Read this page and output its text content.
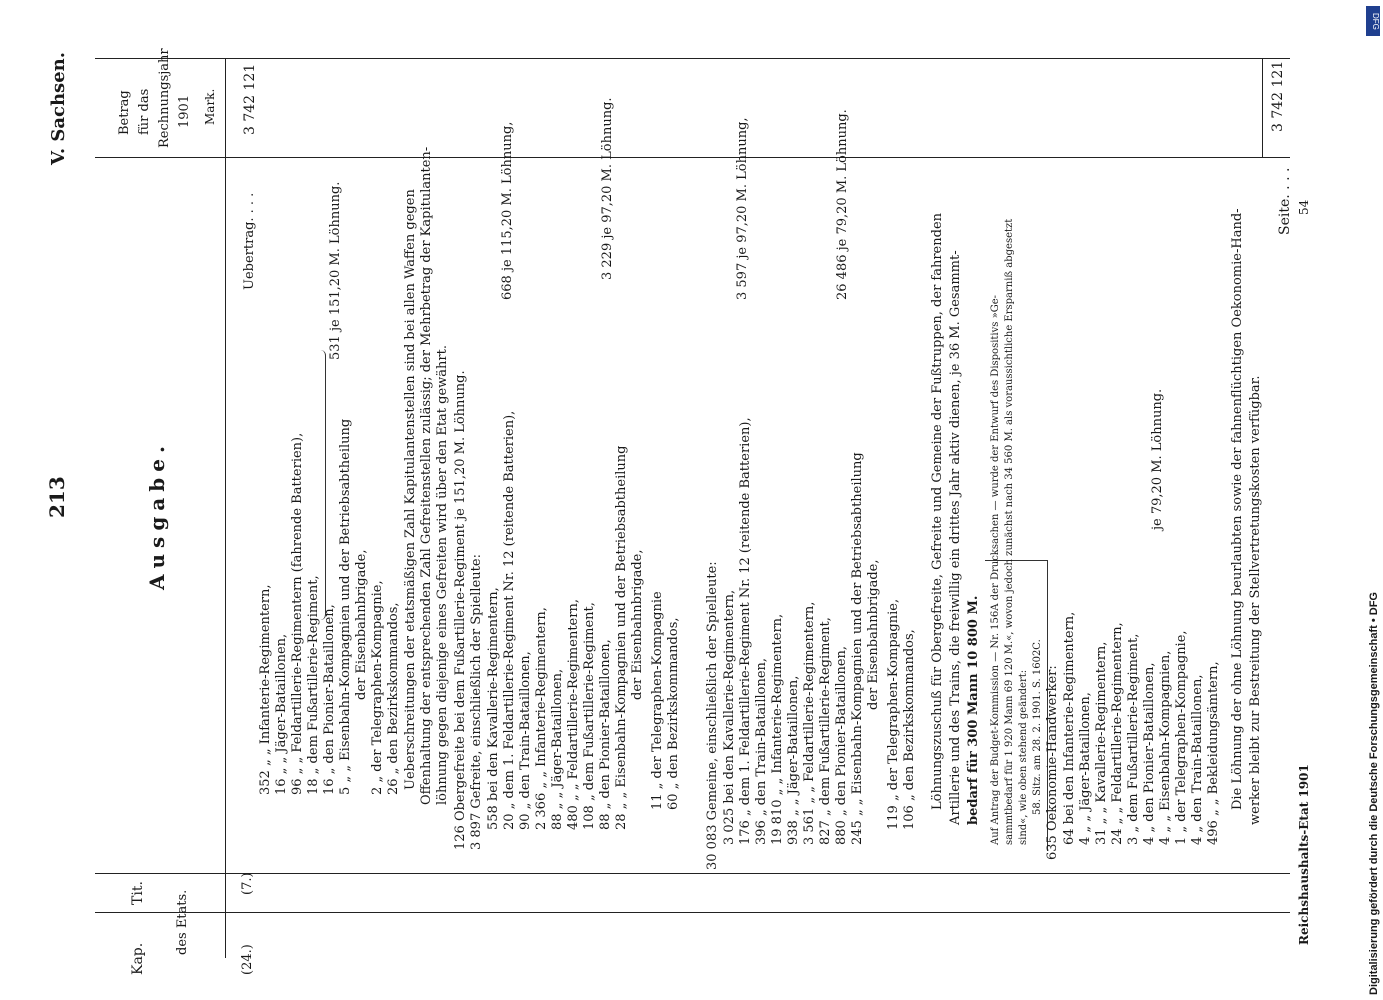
Digitalisierung gefördert durch die Deutsche Forschungsgemeinschaft • DFG
DFG
213
V. Sachsen.
Reichshaushalts-Etat 1901
Kap.
Tit. des Etats.
Betrag für das Rechnungsjahr 1901 Mark.
(24.)
(7.)
Ausgabe.
Uebertrag. . . .
3 742 121
352 „ „ Infanterie-Regimentern,
16 „ „ Jäger-Bataillonen,
96 „ „ Feldartillerie-Regimentern (fahrende Batterien),
18 „ dem Fußartillerie-Regiment,
16 „ den Pionier-Bataillonen,
5 „ „ Eisenbahn-Kompagnien und der Betriebsabtheilung der Eisenbahnbrigade,
2 „ der Telegraphen-Kompagnie,
26 „ den Bezirkskommandos,
531 je 151,20 M. Löhnung.	Ueberschreitungen der etatsmäßigen Zahl Kapitulantenstellen sind bei allen Waffen gegen Offenhaltung der entsprechenden Zahl Gefreitenstellen zulässig; der Mehrbetrag der Kapitulanten- löhnung gegen diejenige eines Gefreiten wird über den Etat gewährt. 126 Obergefreite bei dem Fußartillerie-Regiment je 151,20 M. Löhnung. 3 897 Gefreite, einschließlich der Spielleute: 558 bei den Kavallerie-Regimentern, 20 „ dem 1. Feldartillerie-Regiment Nr. 12 (reitende Batterien), 90 „ den Train-Bataillonen, 2 366 „ „ Infanterie-Regimentern, 88 „ „ Jäger-Bataillonen, 480 „ „ Feldartillerie-Regimentern, 108 „ dem Fußartillerie-Regiment, 88 „ den Pionier-Bataillonen, 28 „ „ Eisenbahn-Kompagnien und der Betriebsabtheilung der Eisenbahnbrigade, 11 „ der Telegraphen-Kompagnie 60 „ den Bezirkskommandos,
668 je 115,20 M. Löhnung,	3 229 je 97,20 M. Löhnung.
30 083 Gemeine, einschließlich der Spielleute: 3 025 bei den Kavallerie-Regimentern, 176 „ dem 1. Feldartillerie-Regiment Nr. 12 (reitende Batterien), 396 „ den Train-Bataillonen, 19 810 „ „ Infanterie-Regimentern, 938 „ „ Jäger-Bataillonen, 3 561 „ „ Feldartillerie-Regimentern, 827 „ dem Fußartillerie-Regiment, 880 „ den Pionier-Bataillonen, 245 „ „ Eisenbahn-Kompagnien und der Betriebsabtheilung der Eisenbahnbrigade, 119 „ der Telegraphen-Kompagnie, 106 „ den Bezirkskommandos,
3 597 je 97,20 M. Löhnung,	26 486 je 79,20 M. Löhnung.
Löhnungszuschuß für Obergefreite, Gefreite und Gemeine der Fußtruppen, der fahrenden Artillerie und des Trains, die freiwillig ein drittes Jahr aktiv dienen, je 36 M. Gesammt- bedarf für 300 Mann 10 800 M. Auf Antrag der Budget-Kommission — Nr. 156A der Drucksachen — wurde der Entwurf des Dispositivs »Ge- sammtbedarf für 1 920 Mann 69 120 M.«, wovon jedoch zunächst nach 34 560 M. als voraussichtliche Ersparniß abgesetzt sind«, wie oben stehend geändert: 58. Sitz. am 28. 2. 1901. S. 1602C. 635 Oekonomie-Handwerker: 64 bei den Infanterie-Regimentern, 4 „ „ Jäger-Bataillonen, 31 „ „ Kavallerie-Regimentern, 24 „ „ Feldartillerie-Regimentern, 3 „ dem Fußartillerie-Regiment, 4 „ den Pionier-Bataillonen, 4 „ „ Eisenbahn-Kompagnien, 1 „ der Telegraphen-Kompagnie, 4 „ den Train-Bataillonen, 496 „ „ Bekleidungsämtern,
je 79,20 M. Löhnung.	Die Löhnung der ohne Löhnung beurlaubten sowie der fahnenflüchtigen Oekonomie-Hand- werker bleibt zur Bestreitung der Stellvertretungskosten verfügbar.
Seite. . . . 54
3 742 121
